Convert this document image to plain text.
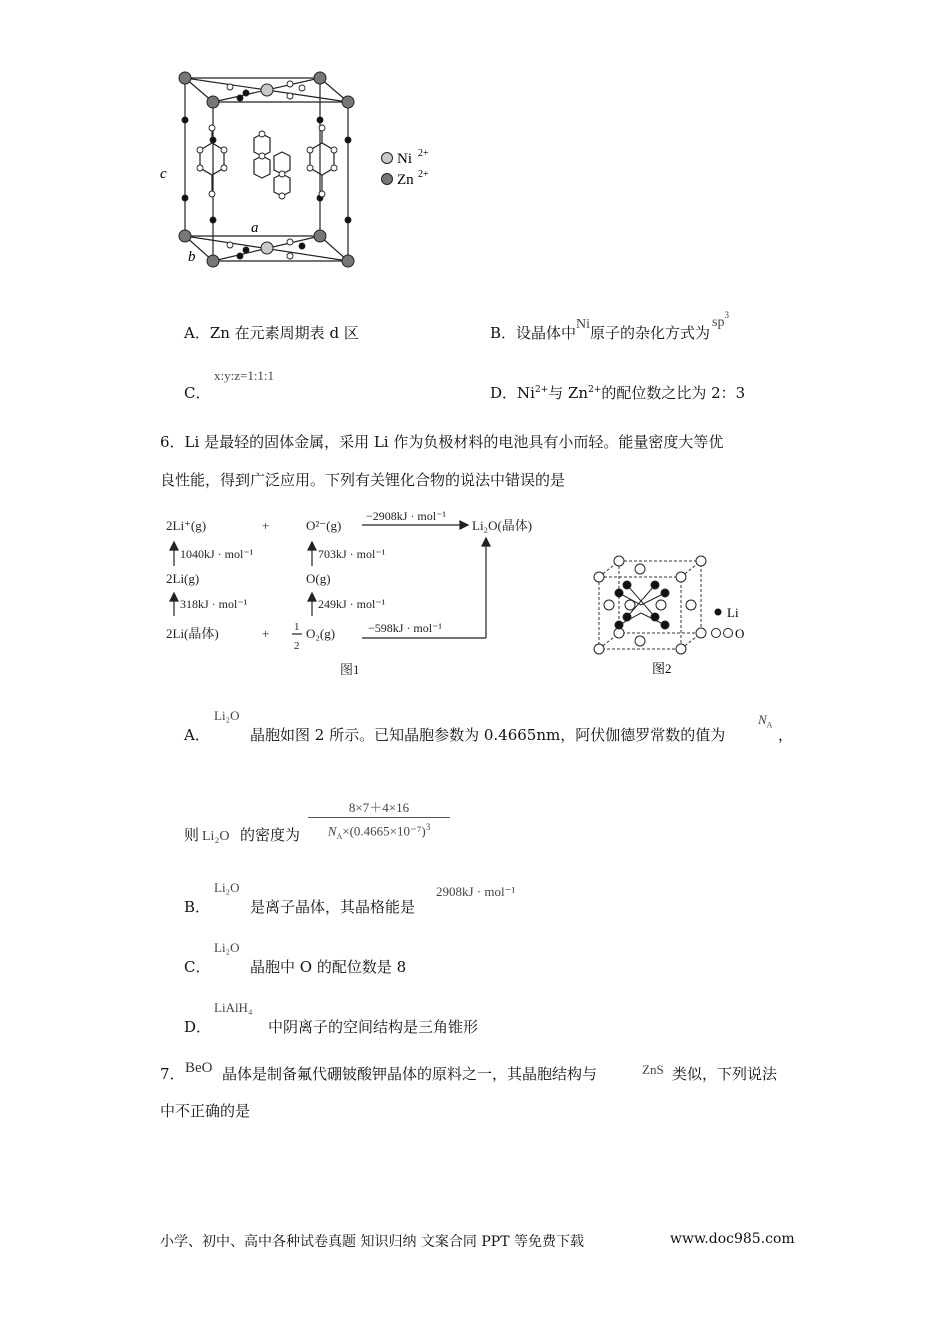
c
a
b
Ni 2+
Zn 2+
A．Zn 在元素周期表 d 区	B．设晶体中Ni原子的杂化方式为$sp^3$
C．
x:y:z=1:1:1
D．$Ni^{2+}$与 $Zn^{2+}$的配位数之比为 2：3
6．Li 是最轻的固体金属，采用 Li 作为负极材料的电池具有小而轻。能量密度大等优
良性能，得到广泛应用。下列有关锂化合物的说法中错误的是
2Li⁺(g)	+	O²⁻(g)
−2908kJ · mol⁻¹
Li₂O(晶体)
1040kJ · mol⁻¹	703kJ · mol⁻¹
2Li(g)	O(g)
318kJ · mol⁻¹	249kJ · mol⁻¹
2Li(晶体)	+ 1
2
O₂(g)	−598kJ · mol⁻¹
图1
Li
O
图2
A．
Li₂O
晶胞如图 2 所示。已知晶胞参数为 0.4665nm，阿伏伽德罗常数的值为
$N_A$
，
则 Li₂O 的密度为
8×7＋4×16
$N_A\times(0.4665\times 10^{-7})^3$
B．
Li₂O
是离子晶体，其晶格能是
2908kJ · mol⁻¹
C．
Li₂O
晶胞中 O 的配位数是 8
D．
LiAlH₄
中阴离子的空间结构是三角锥形
7． BeO 晶体是制备氟代硼铍酸钾晶体的原料之一，其晶胞结构与	ZnS 类似，下列说法
中不正确的是
小学、初中、高中各种试卷真题 知识归纳 文案合同 PPT 等免费下载	www.doc985.com
